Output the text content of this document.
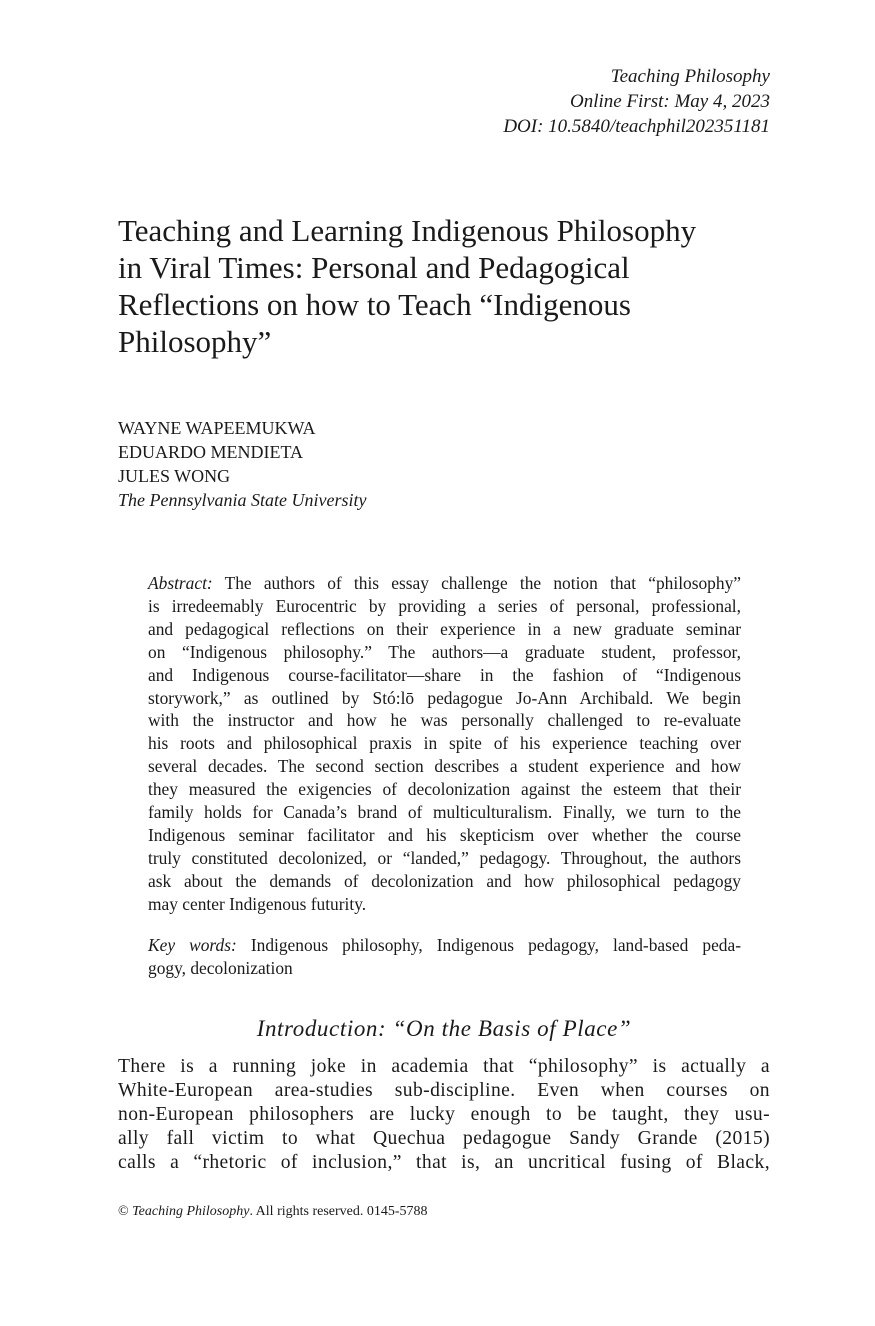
Teaching Philosophy
Online First: May 4, 2023
DOI: 10.5840/teachphil202351181
Teaching and Learning Indigenous Philosophy
in Viral Times: Personal and Pedagogical
Reflections on how to Teach “Indigenous
Philosophy”
WAYNE WAPEEMUKWA
EDUARDO MENDIETA
JULES WONG
The Pennsylvania State University
Abstract: The authors of this essay challenge the notion that “philosophy”
is irredeemably Eurocentric by providing a series of personal, professional,
and pedagogical reflections on their experience in a new graduate seminar
on “Indigenous philosophy.” The authors—a graduate student, professor,
and Indigenous course-facilitator—share in the fashion of “Indigenous
storywork,” as outlined by Stó:lō pedagogue Jo-Ann Archibald. We begin
with the instructor and how he was personally challenged to re-evaluate
his roots and philosophical praxis in spite of his experience teaching over
several decades. The second section describes a student experience and how
they measured the exigencies of decolonization against the esteem that their
family holds for Canada’s brand of multiculturalism. Finally, we turn to the
Indigenous seminar facilitator and his skepticism over whether the course
truly constituted decolonized, or “landed,” pedagogy. Throughout, the authors
ask about the demands of decolonization and how philosophical pedagogy
may center Indigenous futurity.
Key words: Indigenous philosophy, Indigenous pedagogy, land-based peda-
gogy, decolonization
Introduction: “On the Basis of Place”
There is a running joke in academia that “philosophy” is actually a
White-European area-studies sub-discipline. Even when courses on
non-European philosophers are lucky enough to be taught, they usu-
ally fall victim to what Quechua pedagogue Sandy Grande (2015)
calls a “rhetoric of inclusion,” that is, an uncritical fusing of Black,
© Teaching Philosophy. All rights reserved. 0145-5788
